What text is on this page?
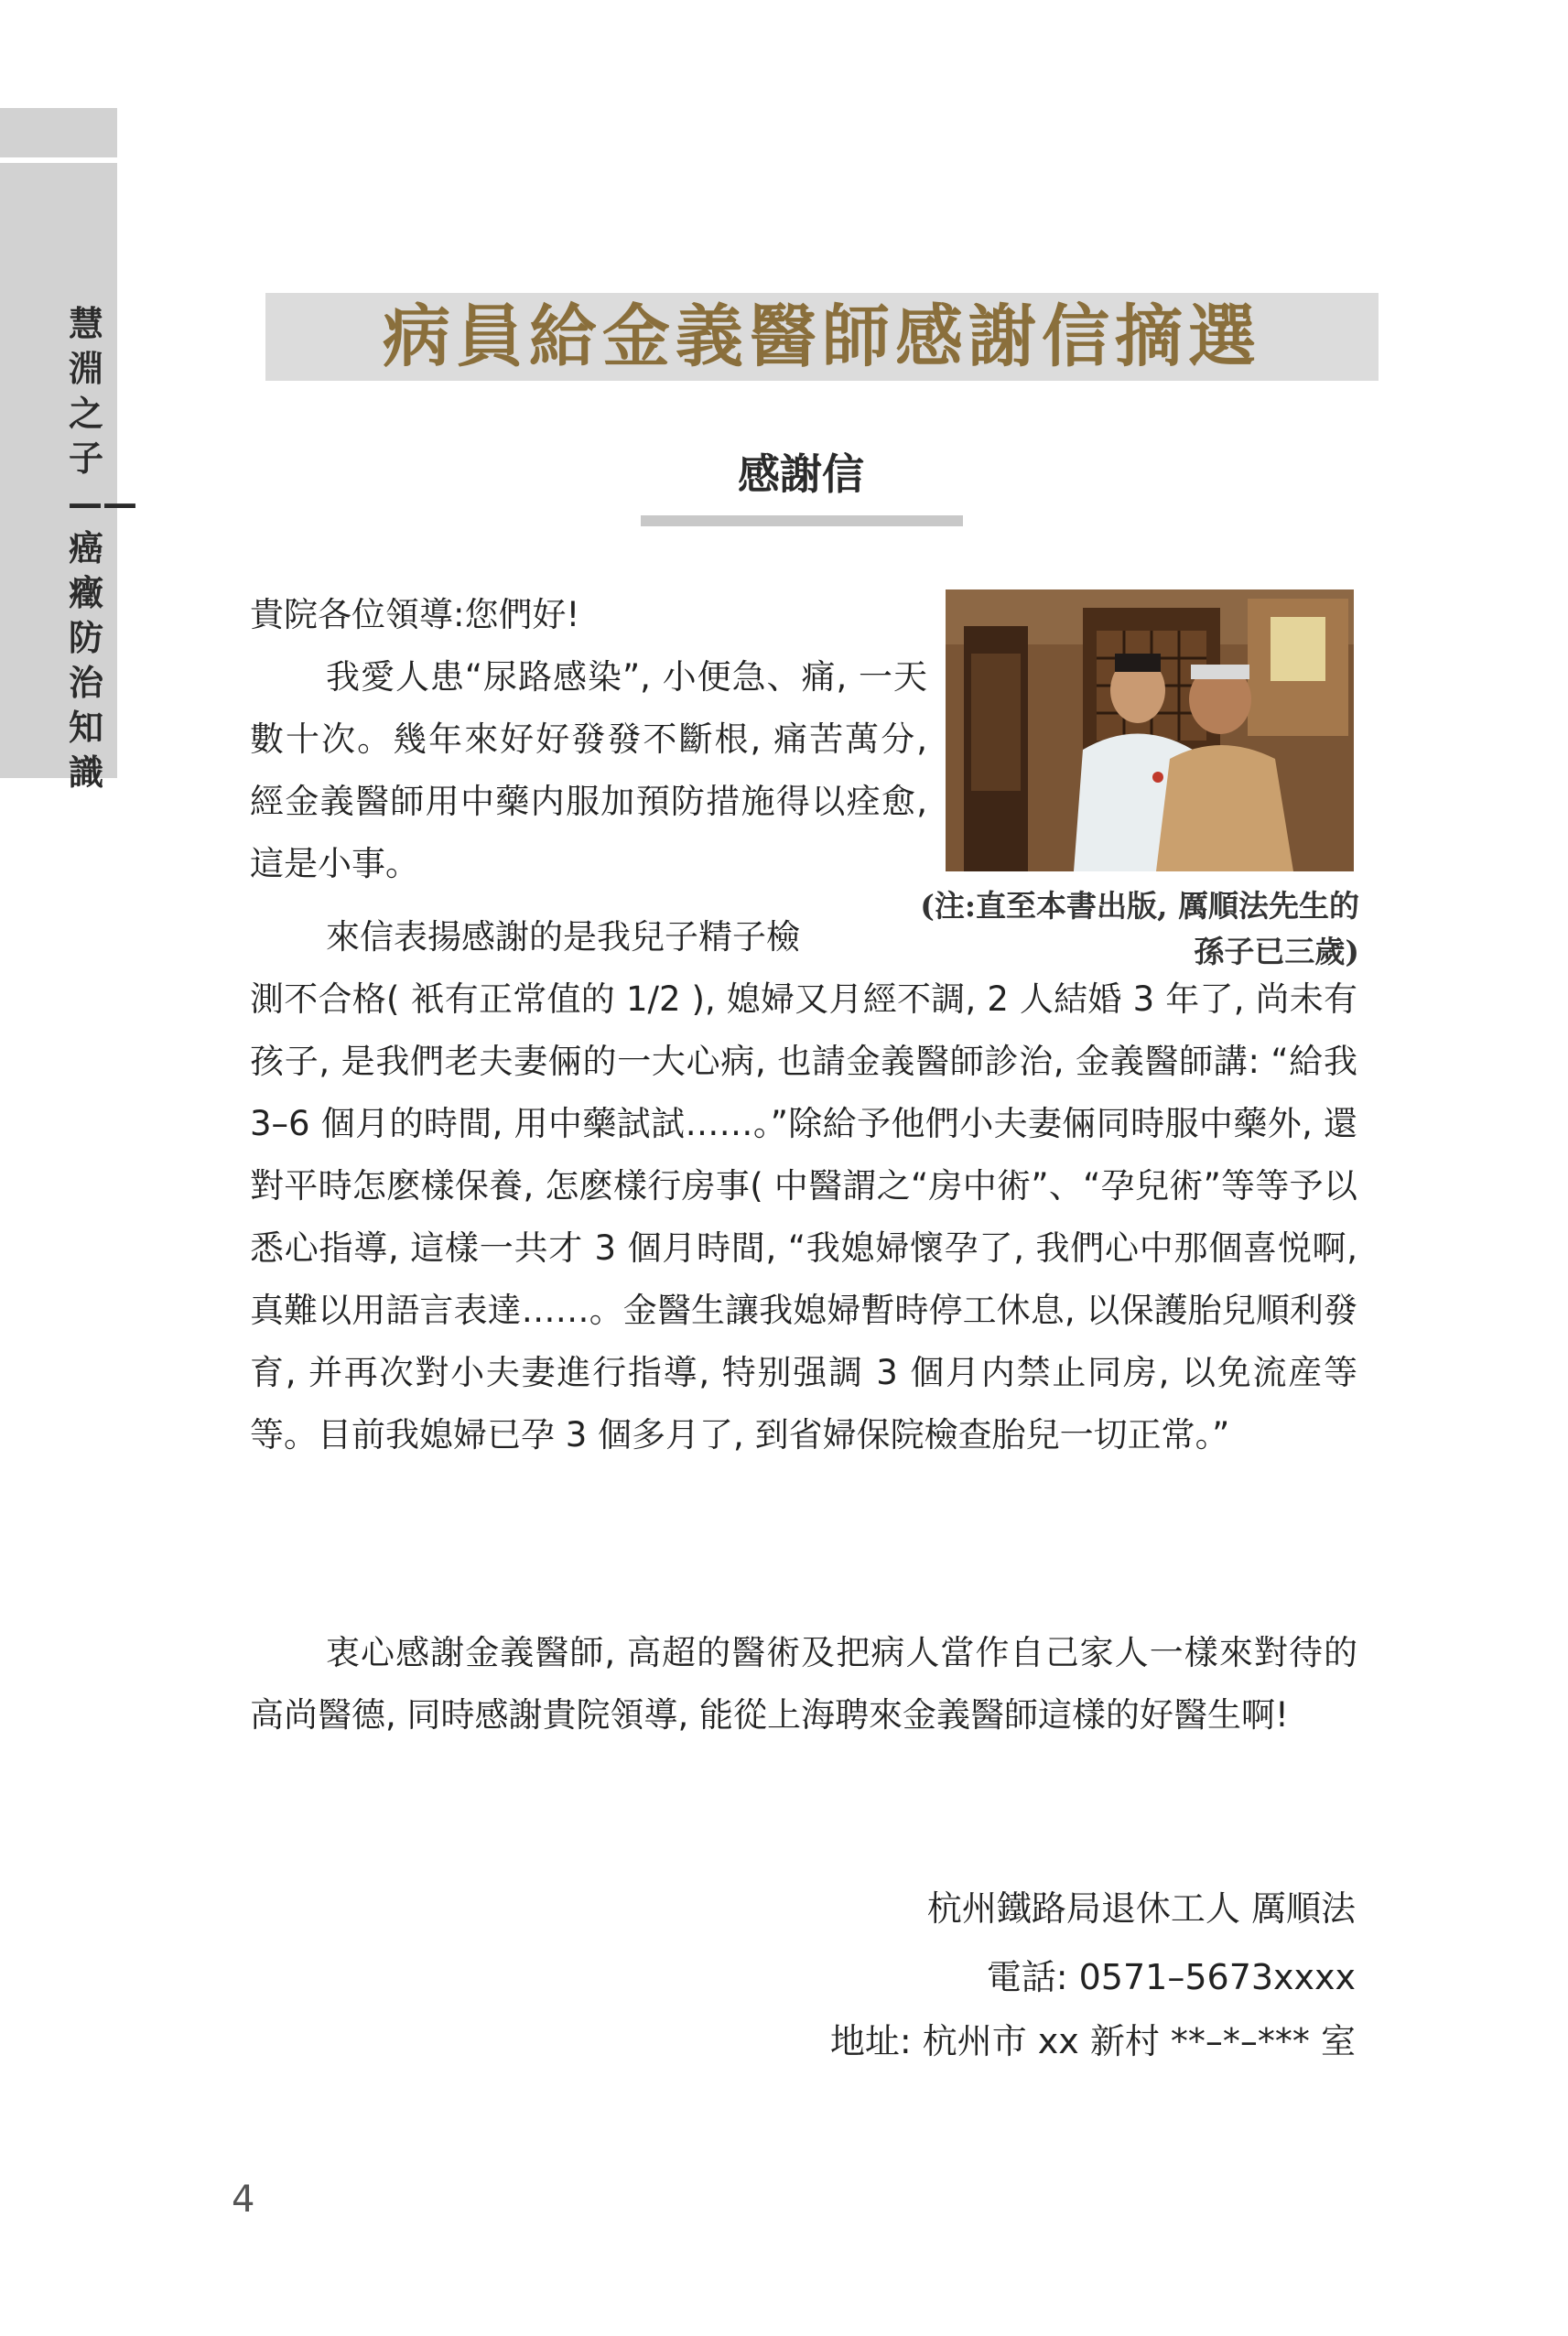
慧淵之子——癌癥防治知識
病員給金義醫師感謝信摘選
感謝信
貴院各位領導:您們好!
我愛人患“尿路感染”, 小便急、痛, 一天數十次。幾年來好好發發不斷根, 痛苦萬分, 經金義醫師用中藥内服加預防措施得以痊愈, 這是小事。
(注:直至本書出版, 厲順法先生的孫子已三歲)
來信表揚感謝的是我兒子精子檢
測不合格( 衹有正常值的 1/2 ), 媳婦又月經不調, 2 人結婚 3 年了, 尚未有孩子, 是我們老夫妻倆的一大心病, 也請金義醫師診治, 金義醫師講: “給我 3–6 個月的時間, 用中藥試試……。”除給予他們小夫妻倆同時服中藥外, 還對平時怎麽樣保養, 怎麽樣行房事( 中醫謂之“房中術”、“孕兒術”等等予以悉心指導, 這樣一共才 3 個月時間, “我媳婦懷孕了, 我們心中那個喜悦啊, 真難以用語言表達……。金醫生讓我媳婦暫時停工休息, 以保護胎兒順利發育, 并再次對小夫妻進行指導, 特别强調 3 個月内禁止同房, 以免流産等等。目前我媳婦已孕 3 個多月了, 到省婦保院檢查胎兒一切正常。”
衷心感謝金義醫師, 高超的醫術及把病人當作自己家人一樣來對待的高尚醫德, 同時感謝貴院領導, 能從上海聘來金義醫師這樣的好醫生啊!
杭州鐵路局退休工人 厲順法
電話: 0571–5673xxxx
地址: 杭州市 xx 新村 **–*–*** 室
4
